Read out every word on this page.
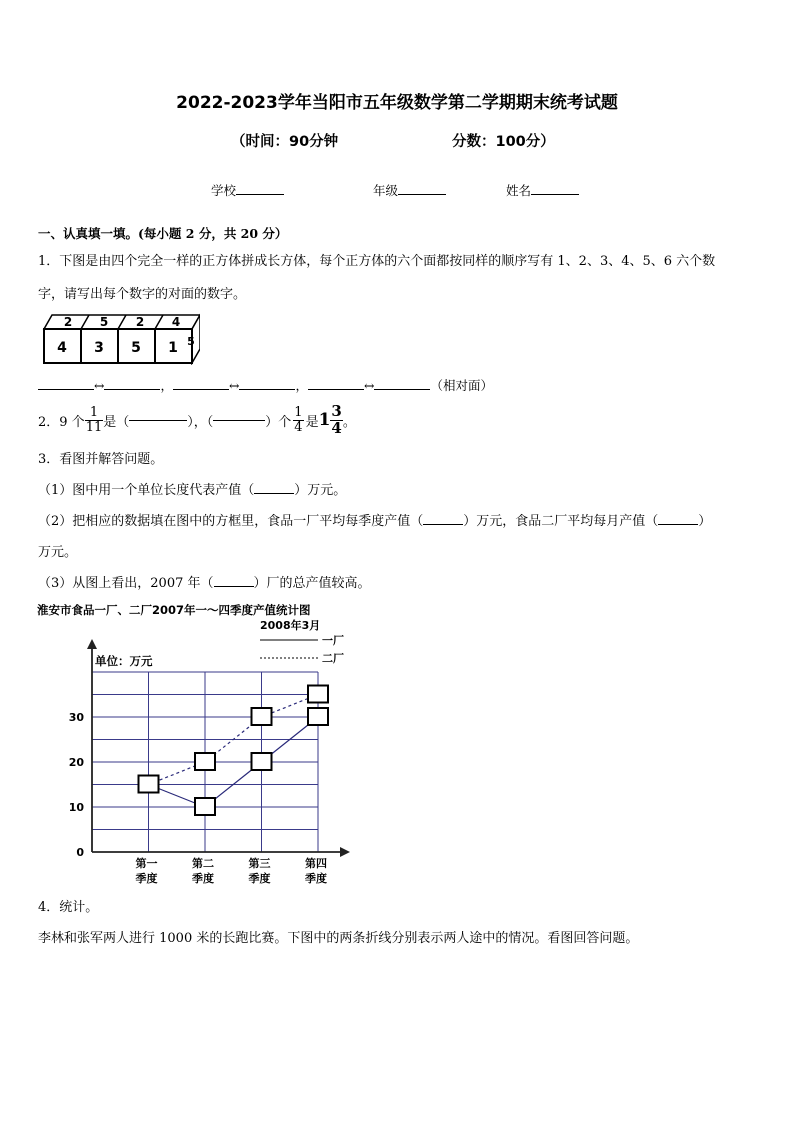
2022-2023学年当阳市五年级数学第二学期期末统考试题
（时间：90分钟	分数：100分）
学校	年级	姓名
一、认真填一填。(每小题 2 分，共 20 分）
1．下图是由四个完全一样的正方体拼成长方体，每个正方体的六个面都按同样的顺序写有 1、2、3、4、5、6 六个数
字，请写出每个数字的对面的数字。
2 5 2 4
4 3 5 1 5
↔	，	↔	，	↔	（相对面）
2．9 个 $\frac{1}{11}$ 是（	），（	）个 $\frac{1}{4}$ 是 $1 \frac{3}{4}$ 。
3．看图并解答问题。
（1）图中用一个单位长度代表产值（	）万元。
（2）把相应的数据填在图中的方框里，食品一厂平均每季度产值（	）万元，食品二厂平均每月产值（	）
万元。
（3）从图上看出，2007 年（	）厂的总产值较高。
淮安市食品一厂、二厂2007年一～四季度产值统计图
0
10
20
30
单位：万元
第一
季度
第二
季度
第三
季度
第四
季度
2008年3月
一厂
二厂
4．统计。
李林和张军两人进行 1000 米的长跑比赛。下图中的两条折线分别表示两人途中的情况。看图回答问题。
